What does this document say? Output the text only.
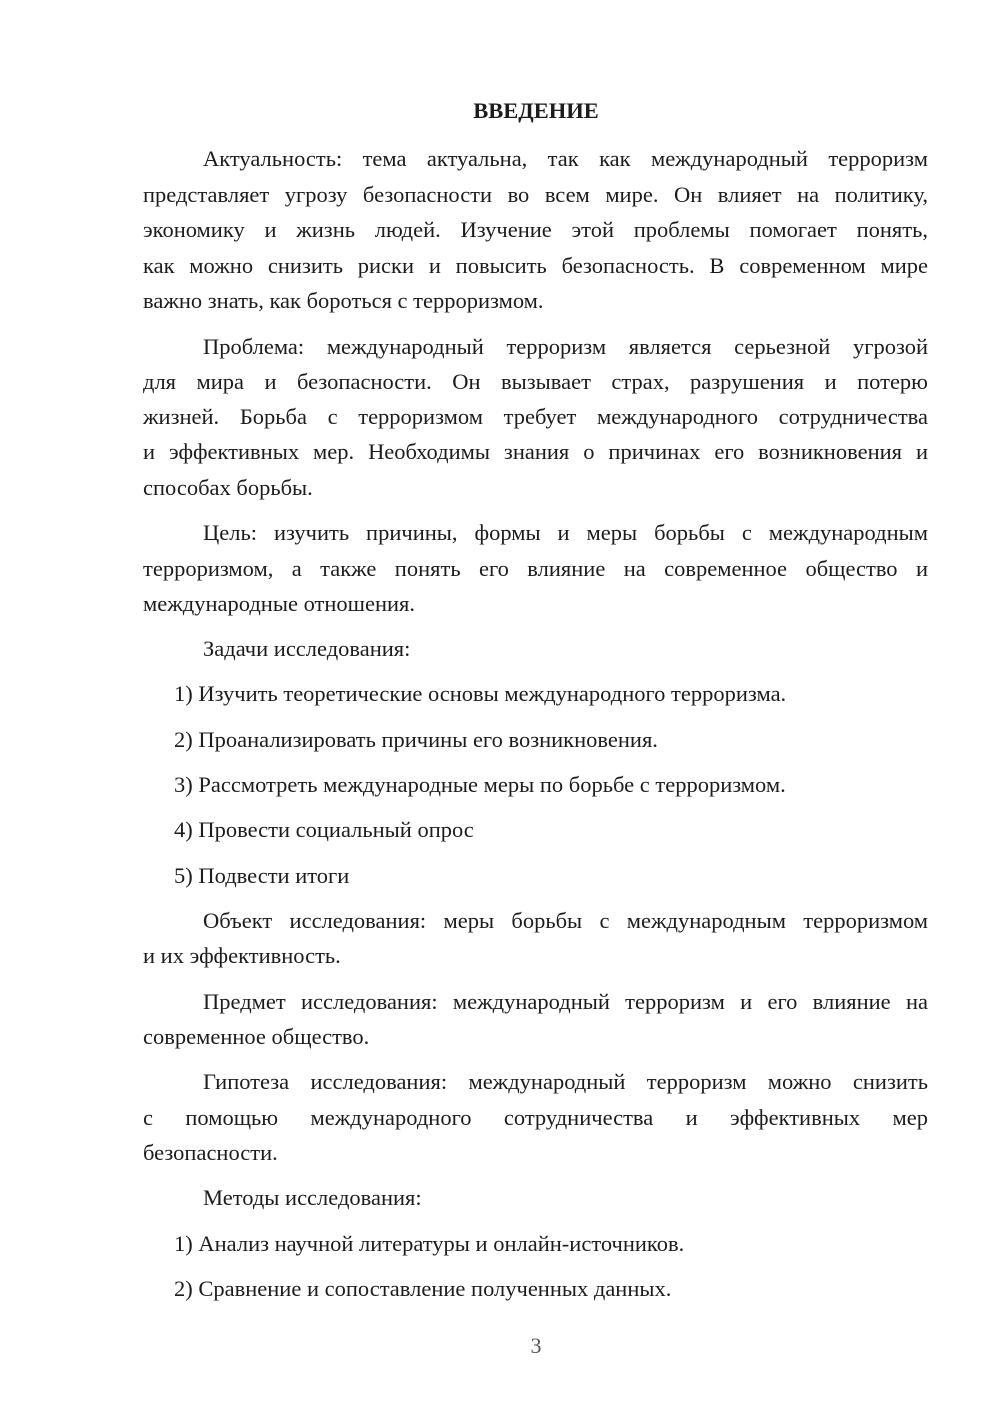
ВВЕДЕНИЕ
Актуальность: тема актуальна, так как международный терроризм
представляет угрозу безопасности во всем мире. Он влияет на политику,
экономику и жизнь людей. Изучение этой проблемы помогает понять,
как можно снизить риски и повысить безопасность. В современном мире
важно знать, как бороться с терроризмом.
Проблема: международный терроризм является серьезной угрозой
для мира и безопасности. Он вызывает страх, разрушения и потерю
жизней. Борьба с терроризмом требует международного сотрудничества
и эффективных мер. Необходимы знания о причинах его возникновения и
способах борьбы.
Цель: изучить причины, формы и меры борьбы с международным
терроризмом, а также понять его влияние на современное общество и
международные отношения.
Задачи исследования:
1) Изучить теоретические основы международного терроризма.
2) Проанализировать причины его возникновения.
3) Рассмотреть международные меры по борьбе с терроризмом.
4) Провести социальный опрос
5) Подвести итоги
Объект исследования: меры борьбы с международным терроризмом
и их эффективность.
Предмет исследования: международный терроризм и его влияние на
современное общество.
Гипотеза исследования: международный терроризм можно снизить
с помощью международного сотрудничества и эффективных мер
безопасности.
Методы исследования:
1) Анализ научной литературы и онлайн-источников.
2) Сравнение и сопоставление полученных данных.
3
